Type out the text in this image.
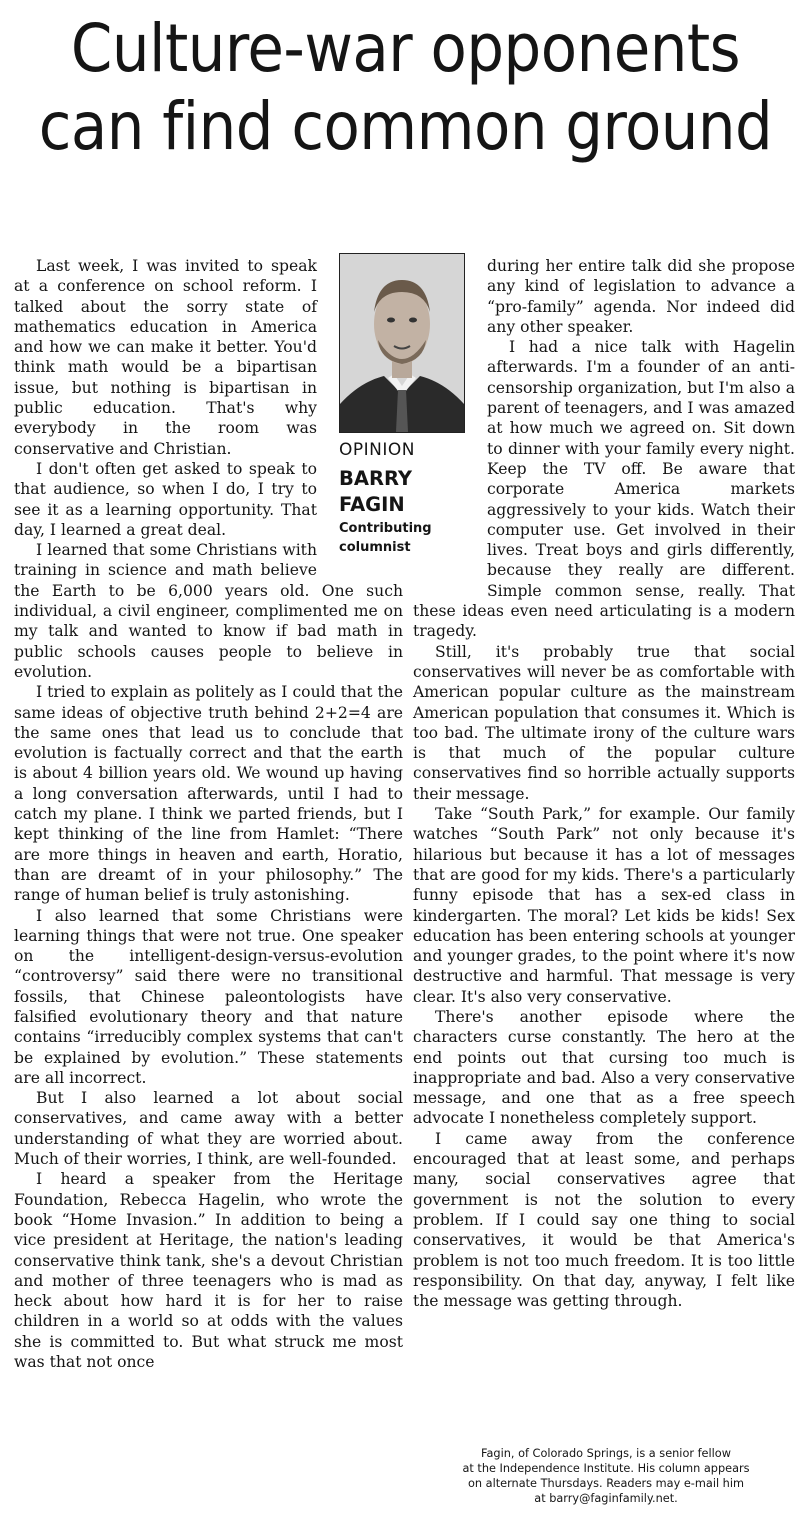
Culture-war opponents
can find common ground
OPINION
BARRY
FAGIN
Contributing
columnist

Last week, I was invited to speak at a conference on school reform. I talked about the sorry state of mathematics education in America and how we can make it better. You'd think math would be a bipartisan issue, but nothing is bipartisan in public education. That's why everybody in the room was conservative and Christian.

I don't often get asked to speak to that audience, so when I do, I try to see it as a learning opportunity. That day, I learned a great deal.

I learned that some Christians with training in science and math believe the Earth to be 6,000 years old. One such individual, a civil engineer, complimented me on my talk and wanted to know if bad math in public schools causes people to believe in evolution.

I tried to explain as politely as I could that the same ideas of objective truth behind 2+2=4 are the same ones that lead us to conclude that evolution is factually correct and that the earth is about 4 billion years old. We wound up having a long conversation afterwards, until I had to catch my plane. I think we parted friends, but I kept thinking of the line from Hamlet: “There are more things in heaven and earth, Horatio, than are dreamt of in your philosophy.” The range of human belief is truly astonishing.

I also learned that some Christians were learning things that were not true. One speaker on the intelligent-design-versus-evolution “controversy” said there were no transitional fossils, that Chinese paleontologists have falsified evolutionary theory and that nature contains “irreducibly complex systems that can't be explained by evolution.” These statements are all incorrect.

But I also learned a lot about social conservatives, and came away with a better understanding of what they are worried about. Much of their worries, I think, are well-founded.

I heard a speaker from the Heritage Foundation, Rebecca Hagelin, who wrote the book “Home Invasion.” In addition to being a vice president at Heritage, the nation's leading conservative think tank, she's a devout Christian and mother of three teenagers who is mad as heck about how hard it is for her to raise children in a world so at odds with the values she is committed to. But what struck me most was that not once

during her entire talk did she propose any kind of legislation to advance a “pro-family” agenda. Nor indeed did any other speaker.

I had a nice talk with Hagelin afterwards. I'm a founder of an anti-censorship organization, but I'm also a parent of teenagers, and I was amazed at how much we agreed on. Sit down to dinner with your family every night. Keep the TV off. Be aware that corporate America markets aggressively to your kids. Watch their computer use. Get involved in their lives. Treat boys and girls differently, because they really are different. Simple common sense, really. That these ideas even need articulating is a modern tragedy.

Still, it's probably true that social conservatives will never be as comfortable with American popular culture as the mainstream American population that consumes it. Which is too bad. The ultimate irony of the culture wars is that much of the popular culture conservatives find so horrible actually supports their message.

Take “South Park,” for example. Our family watches “South Park” not only because it's hilarious but because it has a lot of messages that are good for my kids. There's a particularly funny episode that has a sex-ed class in kindergarten. The moral? Let kids be kids! Sex education has been entering schools at younger and younger grades, to the point where it's now destructive and harmful. That message is very clear. It's also very conservative.

There's another episode where the characters curse constantly. The hero at the end points out that cursing too much is inappropriate and bad. Also a very conservative message, and one that as a free speech advocate I nonetheless completely support.

I came away from the conference encouraged that at least some, and perhaps many, social conservatives agree that government is not the solution to every problem. If I could say one thing to social conservatives, it would be that America's problem is not too much freedom. It is too little responsibility. On that day, anyway, I felt like the message was getting through.

Fagin, of Colorado Springs, is a senior fellow
at the Independence Institute. His column appears
on alternate Thursdays. Readers may e-mail him
at barry@faginfamily.net.
